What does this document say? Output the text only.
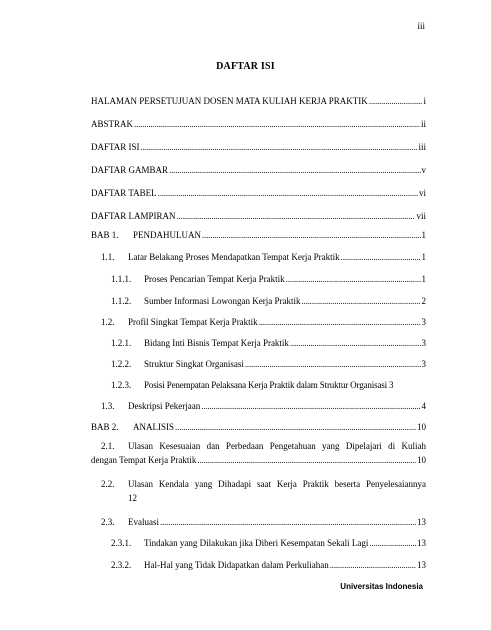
iii
DAFTAR ISI
HALAMAN PERSETUJUAN DOSEN MATA KULIAH KERJA PRAKTIK .....	i
ABSTRAK .....	ii
DAFTAR ISI .....	iii
DAFTAR GAMBAR .....	v
DAFTAR TABEL .....	vi
DAFTAR LAMPIRAN .....	vii
BAB 1.	PENDAHULUAN .....	1
1.1.	Latar Belakang Proses Mendapatkan Tempat Kerja Praktik .....	1
1.1.1.	Proses Pencarian Tempat Kerja Praktik .....	1
1.1.2.	Sumber Informasi Lowongan Kerja Praktik .....	2
1.2.	Profil Singkat Tempat Kerja Praktik .....	3
1.2.1.	Bidang Inti Bisnis Tempat Kerja Praktik .....	3
1.2.2.	Struktur Singkat Organisasi .....	3
1.2.3.	Posisi Penempatan Pelaksana Kerja Praktik dalam Struktur Organisasi 3
1.3.	Deskripsi Pekerjaan .....	4
BAB 2.	ANALISIS .....	10
2.1.	Ulasan Kesesuaian dan Perbedaan Pengetahuan yang Dipelajari di Kuliah
dengan Tempat Kerja Praktik .....	10
2.2.	Ulasan Kendala yang Dihadapi saat Kerja Praktik beserta Penyelesaiannya
12
2.3.	Evaluasi .....	13
2.3.1.	Tindakan yang Dilakukan jika Diberi Kesempatan Sekali Lagi .....	13
2.3.2.	Hal-Hal yang Tidak Didapatkan dalam Perkuliahan .....	13
Universitas Indonesia
